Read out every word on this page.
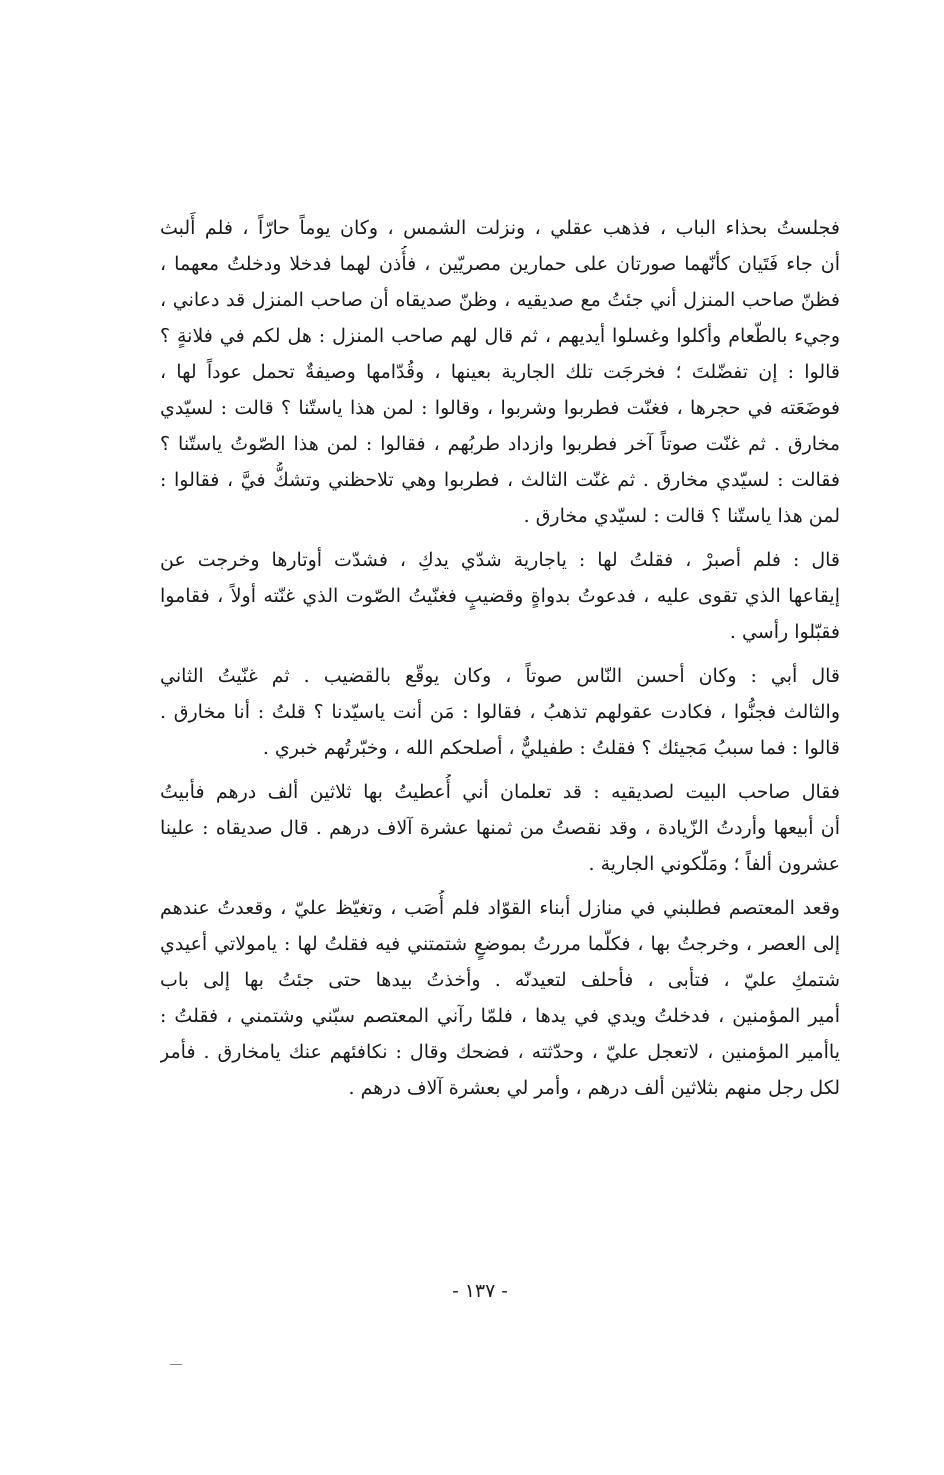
فجلستُ بحذاء الباب ، فذهب عقلي ، ونزلت الشمس ، وكان يوماً حارّاً ، فلم أَلبث
أن جاء فَتَيان كأنّهما صورتان على حمارين مصريّين ، فأُذن لهما فدخلا ودخلتُ معهما ،
فظنّ صاحب المنزل أني جئتُ مع صديقيه ، وظنّ صديقاه أن صاحب المنزل قد دعاني ،
وجيء بالطّعام وأكلوا وغسلوا أيديهم ، ثم قال لهم صاحب المنزل : هل لكم في فلانةٍ ؟
قالوا : إن تفضّلتَ ؛ فخرجَت تلك الجارية بعينها ، وقُدّامها وصيفةٌ تحمل عوداً لها ،
فوضَعَته في حجرها ، فغنّت فطربوا وشربوا ، وقالوا : لمن هذا ياستّنا ؟ قالت : لسيّدي
مخارق . ثم غنّت صوتاً آخر فطربوا وازداد طربُهم ، فقالوا : لمن هذا الصّوتُ ياستّنا ؟
فقالت : لسيّدي مخارق . ثم غنّت الثالث ، فطربوا وهي تلاحظني وتشكُّ فيَّ ، فقالوا :
لمن هذا ياستّنا ؟ قالت : لسيّدي مخارق .
قال : فلم أصبرْ ، فقلتُ لها : ياجارية شدّي يدكِ ، فشدّت أوتارها وخرجت عن
إيقاعها الذي تقوى عليه ، فدعوتُ بدواةٍ وقضيبٍ فغنّيتُ الصّوت الذي غنّته أولاً ، فقاموا
فقبّلوا رأسي .
قال أبي : وكان أحسن النّاس صوتاً ، وكان يوقّع بالقضيب . ثم غنّيتُ الثاني
والثالث فجنُّوا ، فكادت عقولهم تذهبُ ، فقالوا : مَن أنت ياسيّدنا ؟ قلتُ : أنا مخارق .
قالوا : فما سببُ مَجيئك ؟ فقلتُ : طفيليٌّ ، أصلحكم الله ، وخبّرتُهم خبري .
فقال صاحب البيت لصديقيه : قد تعلمان أني أُعطيتُ بها ثلاثين ألف درهم فأبيتُ
أن أبيعها وأردتُ الزّيادة ، وقد نقصتُ من ثمنها عشرة آلاف درهم . قال صديقاه : علينا
عشرون ألفاً ؛ ومَلّكوني الجارية .
وقعد المعتصم فطلبني في منازل أبناء القوّاد فلم أُصَب ، وتغيّظ عليّ ، وقعدتُ عندهم
إلى العصر ، وخرجتُ بها ، فكلّما مررتُ بموضعٍ شتمتني فيه فقلتُ لها : يامولاتي أعيدي
شتمكِ عليّ ، فتأبى ، فأحلف لتعيدنّه . وأخذتُ بيدها حتى جئتُ بها إلى باب
أمير المؤمنين ، فدخلتُ ويدي في يدها ، فلمّا رآني المعتصم سبّني وشتمني ، فقلتُ :
ياأمير المؤمنين ، لاتعجل عليّ ، وحدّثته ، فضحك وقال : نكافئهم عنك يامخارق . فأمر
لكل رجل منهم بثلاثين ألف درهم ، وأمر لي بعشرة آلاف درهم .
- ١٣٧ -
